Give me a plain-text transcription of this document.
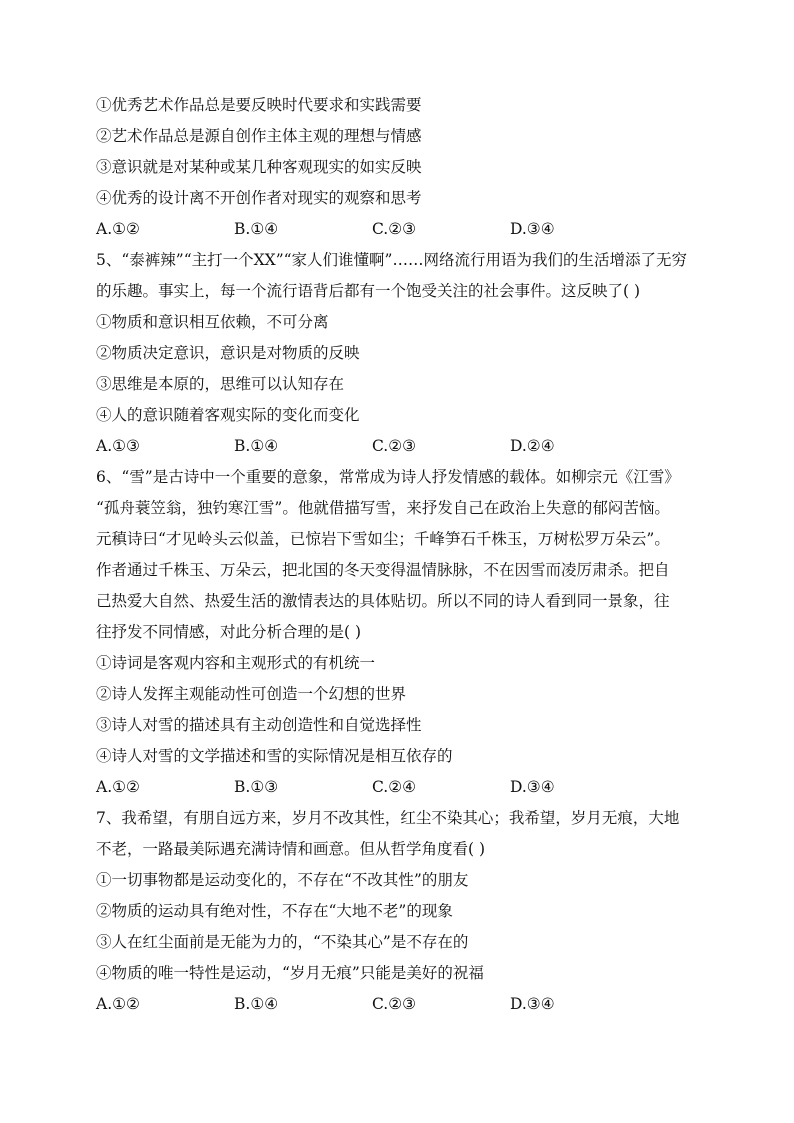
①优秀艺术作品总是要反映时代要求和实践需要
②艺术作品总是源自创作主体主观的理想与情感
③意识就是对某种或某几种客观现实的如实反映
④优秀的设计离不开创作者对现实的观察和思考
A.①②	B.①④	C.②③	D.③④
5、“泰裤辣”“主打一个XX”“家人们谁懂啊”……网络流行用语为我们的生活增添了无穷
的乐趣。事实上，每一个流行语背后都有一个饱受关注的社会事件。这反映了( )
①物质和意识相互依赖，不可分离
②物质决定意识，意识是对物质的反映
③思维是本原的，思维可以认知存在
④人的意识随着客观实际的变化而变化
A.①③	B.①④	C.②③	D.②④
6、“雪”是古诗中一个重要的意象，常常成为诗人抒发情感的载体。如柳宗元《江雪》
“孤舟蓑笠翁，独钓寒江雪”。他就借描写雪，来抒发自己在政治上失意的郁闷苦恼。
元稹诗曰“才见岭头云似盖，已惊岩下雪如尘；千峰笋石千株玉，万树松罗万朵云”。
作者通过千株玉、万朵云，把北国的冬天变得温情脉脉，不在因雪而凌厉肃杀。把自
己热爱大自然、热爱生活的激情表达的具体贴切。所以不同的诗人看到同一景象，往
往抒发不同情感，对此分析合理的是( )
①诗词是客观内容和主观形式的有机统一
②诗人发挥主观能动性可创造一个幻想的世界
③诗人对雪的描述具有主动创造性和自觉选择性
④诗人对雪的文学描述和雪的实际情况是相互依存的
A.①②	B.①③	C.②④	D.③④
7、我希望，有朋自远方来，岁月不改其性，红尘不染其心；我希望，岁月无痕，大地
不老，一路最美际遇充满诗情和画意。但从哲学角度看( )
①一切事物都是运动变化的，不存在“不改其性”的朋友
②物质的运动具有绝对性，不存在“大地不老”的现象
③人在红尘面前是无能为力的，“不染其心”是不存在的
④物质的唯一特性是运动，“岁月无痕”只能是美好的祝福
A.①②	B.①④	C.②③	D.③④
